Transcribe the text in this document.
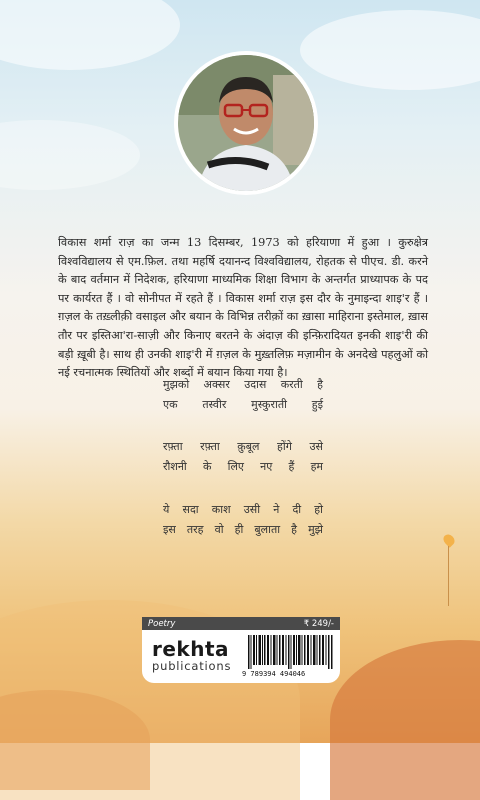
विकास शर्मा राज़ का जन्म 13 दिसम्बर, 1973 को हरियाणा में हुआ । कुरुक्षेत्र विश्वविद्यालय से एम.फ़िल. तथा महर्षि दयानन्द विश्वविद्यालय, रोहतक से पीएच. डी. करने के बाद वर्तमान में निदेशक, हरियाणा माध्यमिक शिक्षा विभाग के अन्तर्गत प्राध्यापक के पद पर कार्यरत हैं । वो सोनीपत में रहते हैं । विकास शर्मा राज़ इस दौर के नुमाइन्दा शाइ'र हैं । ग़ज़ल के तख़्लीक़ी वसाइल और बयान के विभिन्न तरीक़ों का ख़ासा माहिराना इस्तेमाल, ख़ास तौर पर इस्तिआ'रा-साज़ी और किनाए बरतने के अंदाज़ की इन्फ़िरादियत इनकी शाइ'री की बड़ी ख़ूबी है। साथ ही उनकी शाइ'री में ग़ज़ल के मुख़्तलिफ़ मज़ामीन के अनदेखे पहलुओं को नई रचनात्मक स्थितियों और शब्दों में बयान किया गया है।
मुझको अक्सर उदास करती है
एक तस्वीर मुस्कुराती हुई
रफ़्ता रफ़्ता क़ुबूल होंगे उसे
रौशनी के लिए नए हैं हम
ये सदा काश उसी ने दी हो
इस तरह वो ही बुलाता है मुझे
Poetry	₹ 249/-
rekhta
publications
9 789394 494046
